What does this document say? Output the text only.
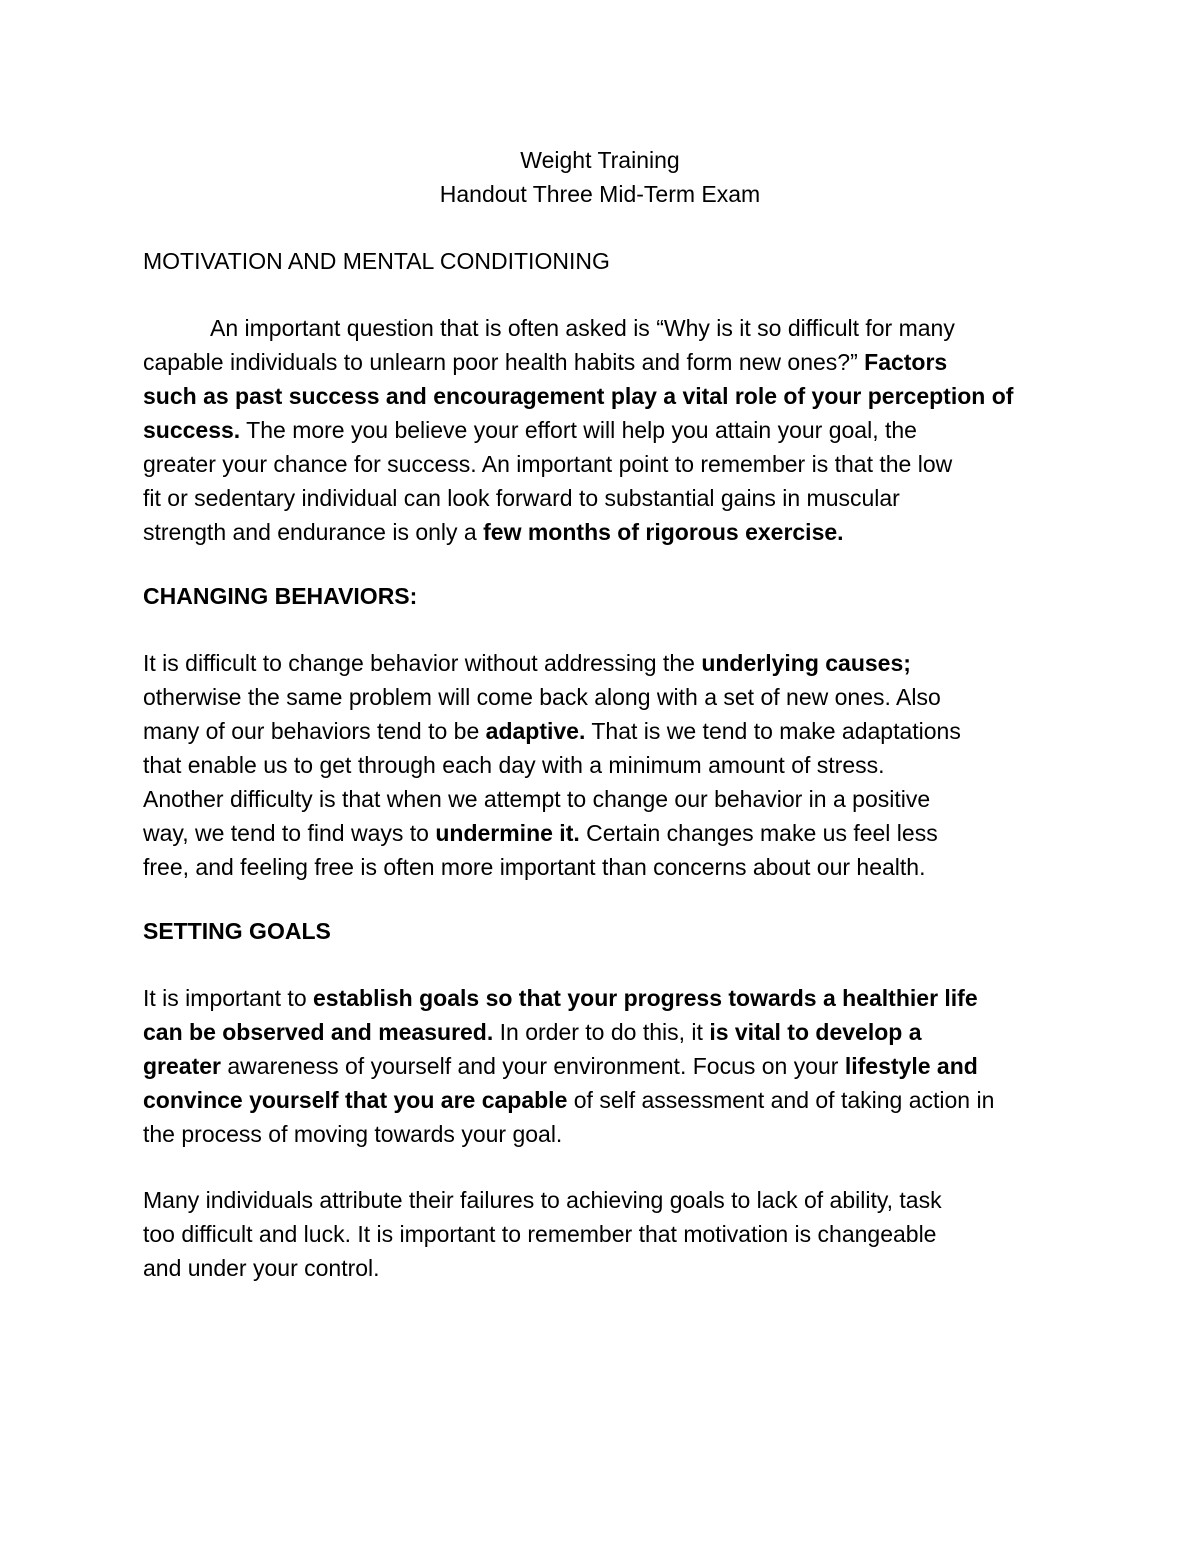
Weight Training
Handout Three Mid-Term Exam
MOTIVATION AND MENTAL CONDITIONING
An important question that is often asked is “Why is it so difficult for many
capable individuals to unlearn poor health habits and form new ones?” Factors
such as past success and encouragement play a vital role of your perception of
success. The more you believe your effort will help you attain your goal, the
greater your chance for success. An important point to remember is that the low
fit or sedentary individual can look forward to substantial gains in muscular
strength and endurance is only a few months of rigorous exercise.
CHANGING BEHAVIORS:
It is difficult to change behavior without addressing the underlying causes;
otherwise the same problem will come back along with a set of new ones. Also
many of our behaviors tend to be adaptive. That is we tend to make adaptations
that enable us to get through each day with a minimum amount of stress.
Another difficulty is that when we attempt to change our behavior in a positive
way, we tend to find ways to undermine it. Certain changes make us feel less
free, and feeling free is often more important than concerns about our health.
SETTING GOALS
It is important to establish goals so that your progress towards a healthier life
can be observed and measured. In order to do this, it is vital to develop a
greater awareness of yourself and your environment. Focus on your lifestyle and
convince yourself that you are capable of self assessment and of taking action in
the process of moving towards your goal.
Many individuals attribute their failures to achieving goals to lack of ability, task
too difficult and luck. It is important to remember that motivation is changeable
and under your control.
